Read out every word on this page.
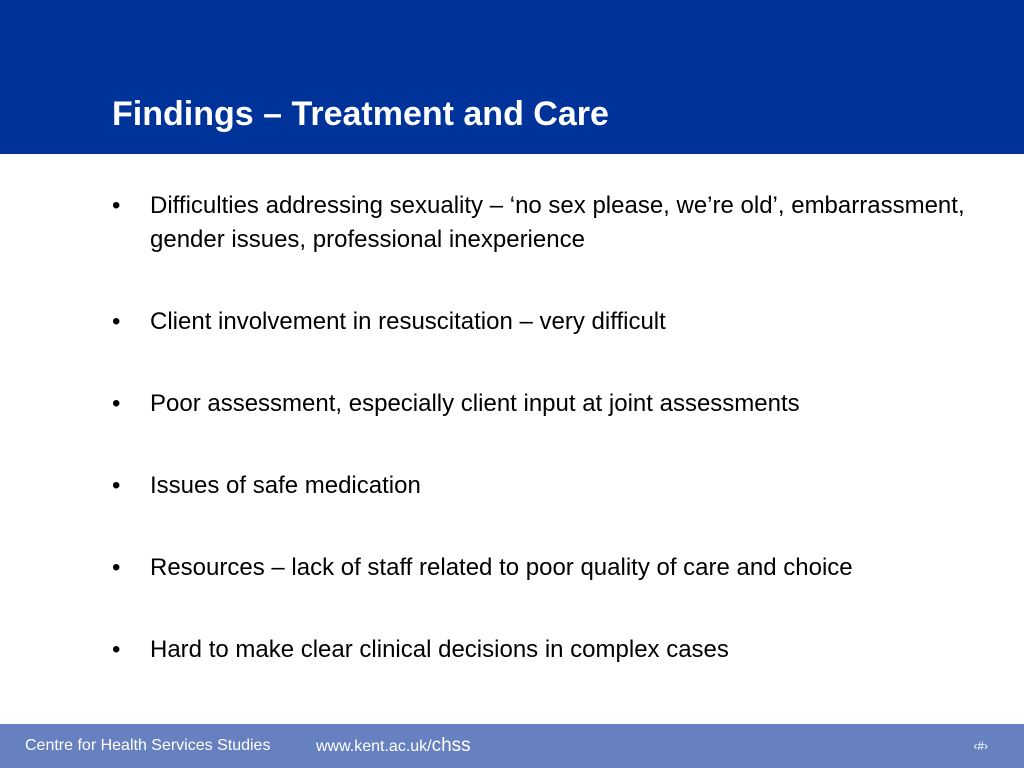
Findings – Treatment and Care
•	Difficulties addressing sexuality – ‘no sex please, we’re old’, embarrassment, gender issues, professional inexperience
•	Client involvement in resuscitation – very difficult
•	Poor assessment, especially client input at joint assessments
•	Issues of safe medication
•	Resources – lack of staff related to poor quality of care and choice
•	Hard to make clear clinical decisions in complex cases
Centre for Health Services Studies	www.kent.ac.uk/chss	‹#›
